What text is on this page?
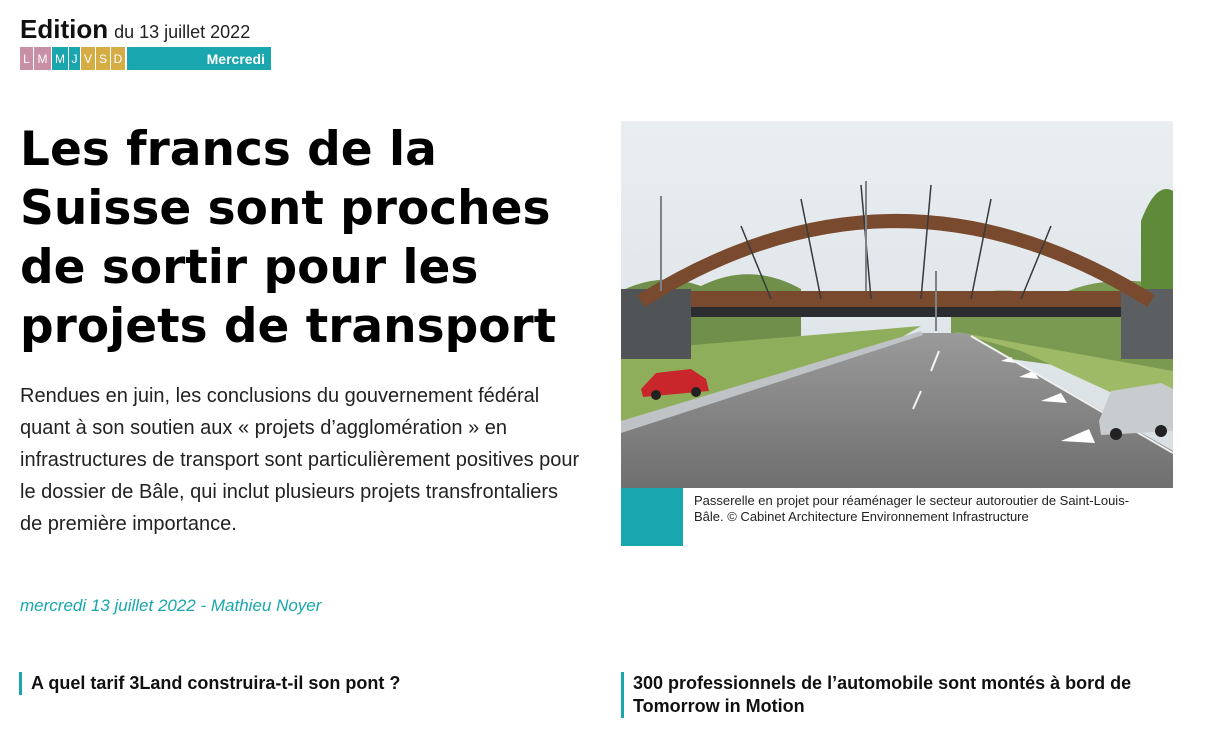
Edition du 13 juillet 2022
L M M J V S D	Mercredi
Les francs de la Suisse sont proches de sortir pour les projets de transport

Rendues en juin, les conclusions du gouvernement fédéral quant à son soutien aux « projets d’agglomération » en infrastructures de transport sont particulièrement positives pour le dossier de Bâle, qui inclut plusieurs projets transfrontaliers de première importance.

mercredi 13 juillet 2022 - Mathieu Noyer
Passerelle en projet pour réaménager le secteur autoroutier de Saint-Louis-Bâle. © Cabinet Architecture Environnement Infrastructure
A quel tarif 3Land construira-t-il son pont ?	300 professionnels de l’automobile sont montés à bord de Tomorrow in Motion
